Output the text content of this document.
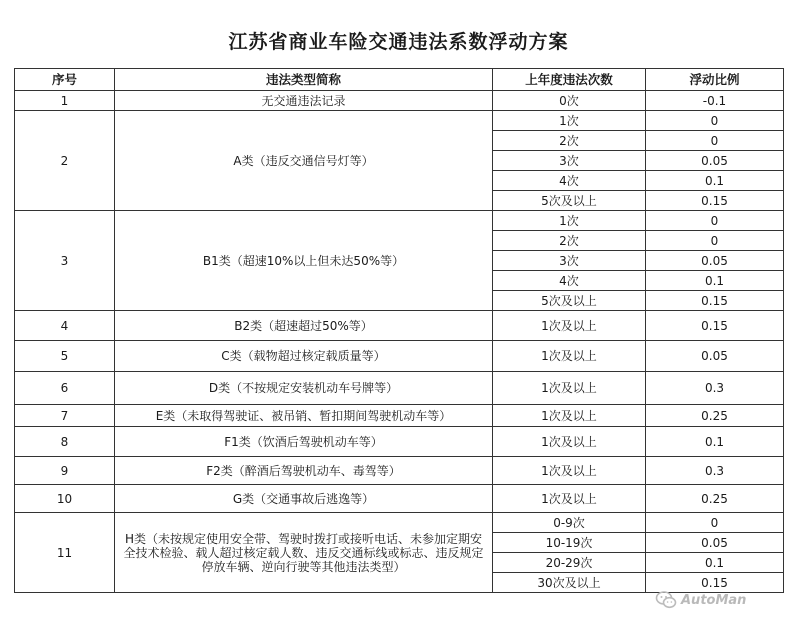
江苏省商业车险交通违法系数浮动方案
序号	违法类型简称	上年度违法次数	浮动比例
1	无交通违法记录	0次	-0.1
2	A类（违反交通信号灯等）	1次	0
		2次	0
		3次	0.05
		4次	0.1
		5次及以上	0.15
3	B1类（超速10%以上但未达50%等）	1次	0
		2次	0
		3次	0.05
		4次	0.1
		5次及以上	0.15
4	B2类（超速超过50%等）	1次及以上	0.15
5	C类（载物超过核定载质量等）	1次及以上	0.05
6	D类（不按规定安装机动车号牌等）	1次及以上	0.3
7	E类（未取得驾驶证、被吊销、暂扣期间驾驶机动车等）	1次及以上	0.25
8	F1类（饮酒后驾驶机动车等）	1次及以上	0.1
9	F2类（醉酒后驾驶机动车、毒驾等）	1次及以上	0.3
10	G类（交通事故后逃逸等）	1次及以上	0.25
11	H类（未按规定使用安全带、驾驶时拨打或接听电话、未参加定期安全技术检验、载人超过核定载人数、违反交通标线或标志、违反规定停放车辆、逆向行驶等其他违法类型）	0-9次	0
		10-19次	0.05
		20-29次	0.1
		30次及以上	0.15
AutoMan
